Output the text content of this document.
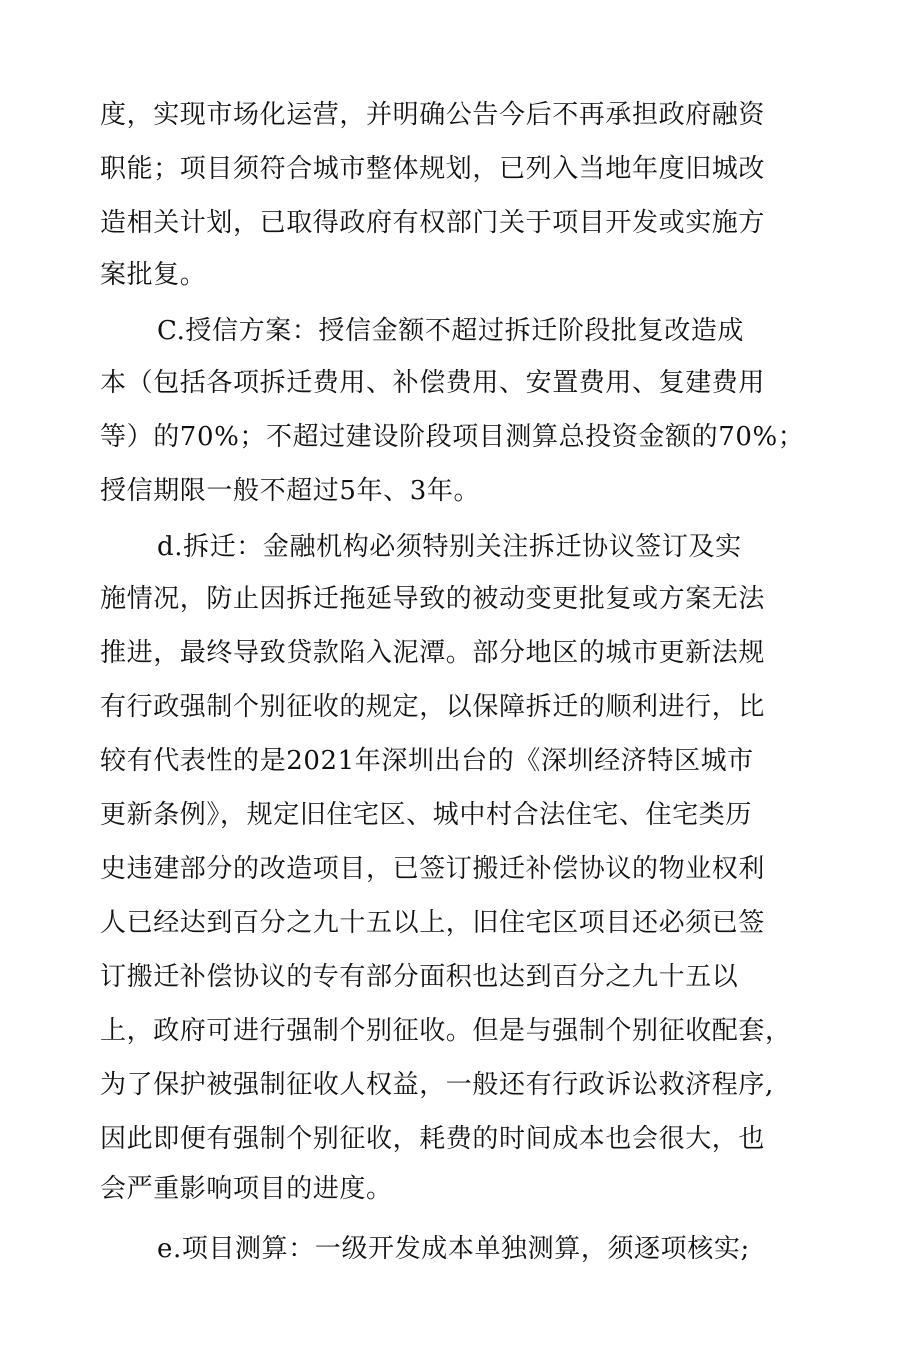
度，实现市场化运营，并明确公告今后不再承担政府融资
职能；项目须符合城市整体规划，已列入当地年度旧城改
造相关计划，已取得政府有权部门关于项目开发或实施方
案批复。
C.授信方案：授信金额不超过拆迁阶段批复改造成
本（包括各项拆迁费用、补偿费用、安置费用、复建费用
等）的70%；不超过建设阶段项目测算总投资金额的70%；
授信期限一般不超过5年、3年。
d.拆迁：金融机构必须特别关注拆迁协议签订及实
施情况，防止因拆迁拖延导致的被动变更批复或方案无法
推进，最终导致贷款陷入泥潭。部分地区的城市更新法规
有行政强制个别征收的规定，以保障拆迁的顺利进行，比
较有代表性的是2021年深圳出台的《深圳经济特区城市
更新条例》，规定旧住宅区、城中村合法住宅、住宅类历
史违建部分的改造项目，已签订搬迁补偿协议的物业权利
人已经达到百分之九十五以上，旧住宅区项目还必须已签
订搬迁补偿协议的专有部分面积也达到百分之九十五以
上，政府可进行强制个别征收。但是与强制个别征收配套，
为了保护被强制征收人权益，一般还有行政诉讼救济程序,
因此即便有强制个别征收，耗费的时间成本也会很大，也
会严重影响项目的进度。
e.项目测算：一级开发成本单独测算，须逐项核实;
